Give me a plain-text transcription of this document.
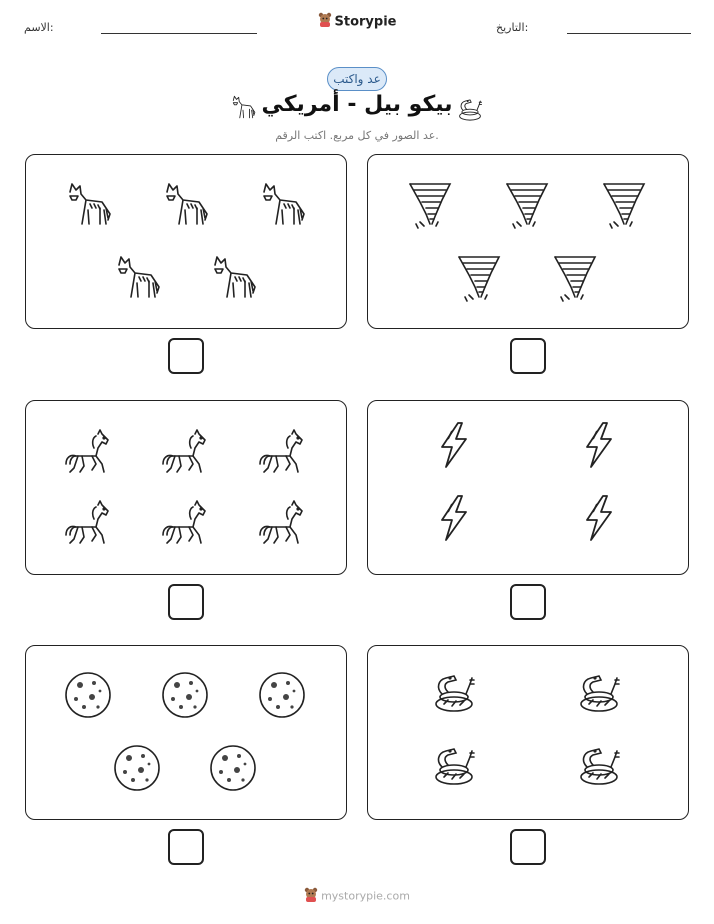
الاسم:	Storypie	التاريخ:
عد واكتب
بيكو بيل - أمريكي
عد الصور في كل مربع. اكتب الرقم.
mystorypie.com
